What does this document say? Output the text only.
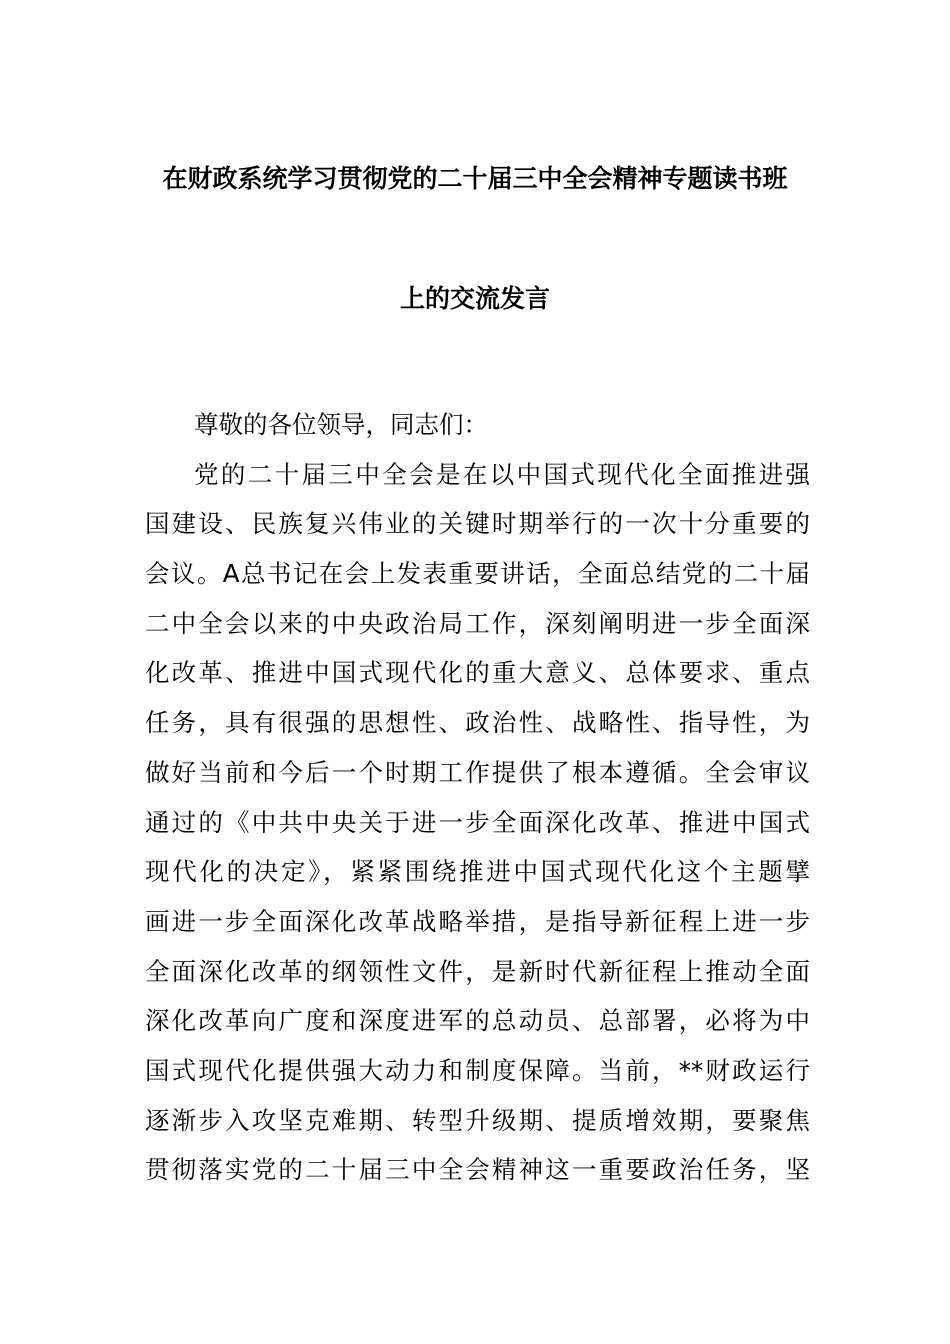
在财政系统学习贯彻党的二十届三中全会精神专题读书班
上的交流发言
尊敬的各位领导，同志们：
党的二十届三中全会是在以中国式现代化全面推进强
国建设、民族复兴伟业的关键时期举行的一次十分重要的
会议。A总书记在会上发表重要讲话，全面总结党的二十届
二中全会以来的中央政治局工作，深刻阐明进一步全面深
化改革、推进中国式现代化的重大意义、总体要求、重点
任务，具有很强的思想性、政治性、战略性、指导性，为
做好当前和今后一个时期工作提供了根本遵循。全会审议
通过的《中共中央关于进一步全面深化改革、推进中国式
现代化的决定》，紧紧围绕推进中国式现代化这个主题擘
画进一步全面深化改革战略举措，是指导新征程上进一步
全面深化改革的纲领性文件，是新时代新征程上推动全面
深化改革向广度和深度进军的总动员、总部署，必将为中
国式现代化提供强大动力和制度保障。当前，**财政运行
逐渐步入攻坚克难期、转型升级期、提质增效期，要聚焦
贯彻落实党的二十届三中全会精神这一重要政治任务，坚
